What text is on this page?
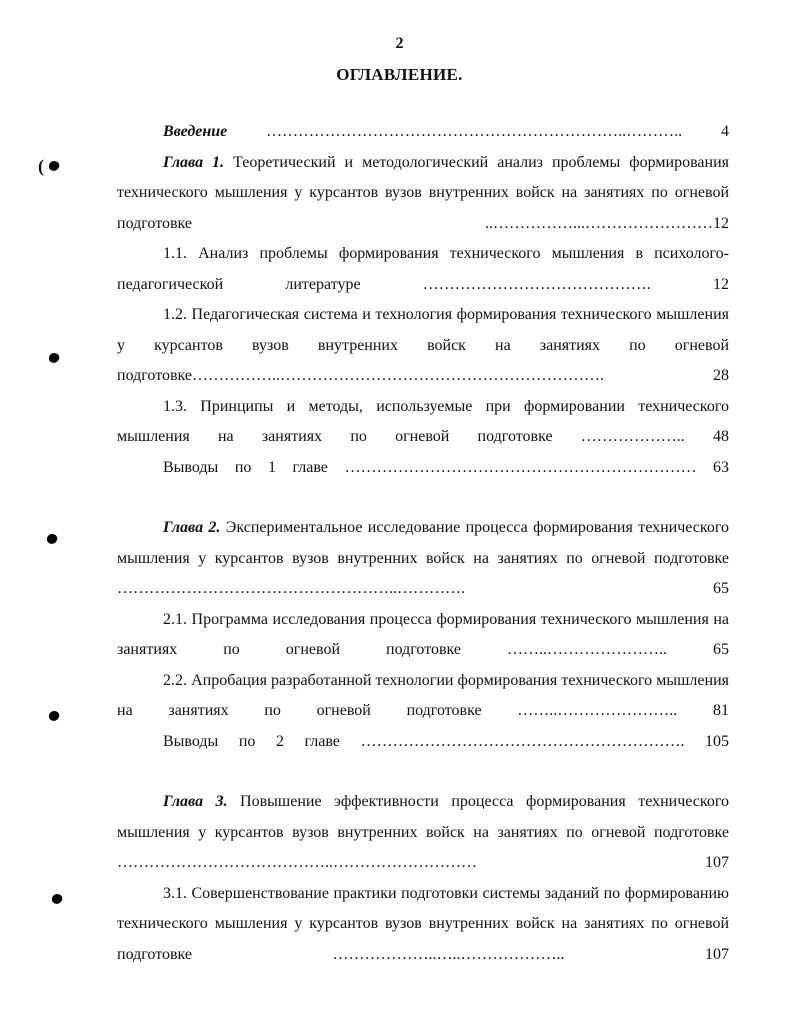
(
2
ОГЛАВЛЕНИЕ.
Введение …………………………………………………………..……….. 4
Глава 1. Теоретический и методологический анализ проблемы формирования технического мышления у курсантов вузов внутренних войск на занятиях по огневой подготовке ..……………...……………………12
1.1. Анализ проблемы формирования технического мышления в психолого-педагогической литературе ……………………………………. 12
1.2. Педагогическая система и технология формирования технического мышления у курсантов вузов внутренних войск на занятиях по огневой подготовке……………..……………………………………………………. 28
1.3. Принципы и методы, используемые при формировании технического мышления на занятиях по огневой подготовке ……………….. 48
Выводы по 1 главе ………………………………………………………… 63
Глава 2. Экспериментальное исследование процесса формирования технического мышления у курсантов вузов внутренних войск на занятиях по огневой подготовке ……………………………………………..…………. 65
2.1. Программа исследования процесса формирования технического мышления на занятиях по огневой подготовке ……..………………….. 65
2.2. Апробация разработанной технологии формирования технического мышления на занятиях по огневой подготовке ……..………………….. 81
Выводы по 2 главе ……………………………………………………. 105
Глава 3. Повышение эффективности процесса формирования технического мышления у курсантов вузов внутренних войск на занятиях по огневой подготовке …………………………………..……………………… 107
3.1. Совершенствование практики подготовки системы заданий по формированию технического мышления у курсантов вузов внутренних войск на занятиях по огневой подготовке ………………..…..……………….. 107
